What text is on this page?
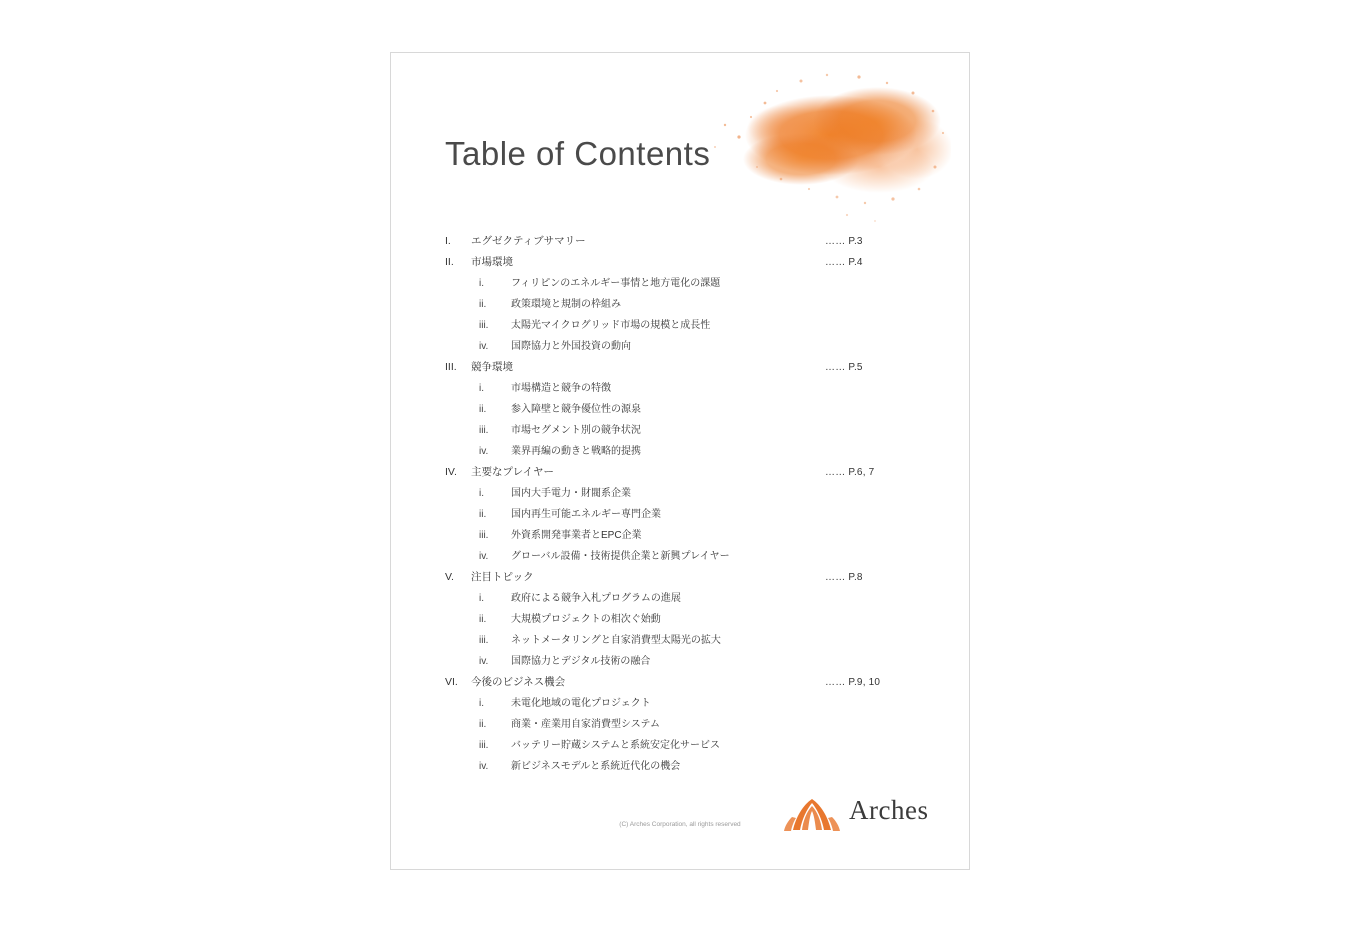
Table of Contents
I.	エグゼクティブサマリー	…… P.3
II.	市場環境	…… P.4
i.	フィリピンのエネルギー事情と地方電化の課題
ii.	政策環境と規制の枠組み
iii.	太陽光マイクログリッド市場の規模と成長性
iv.	国際協力と外国投資の動向
III.	競争環境	…… P.5
i.	市場構造と競争の特徴
ii.	参入障壁と競争優位性の源泉
iii.	市場セグメント別の競争状況
iv.	業界再編の動きと戦略的提携
IV.	主要なプレイヤー	…… P.6, 7
i.	国内大手電力・財閥系企業
ii.	国内再生可能エネルギー専門企業
iii.	外資系開発事業者とEPC企業
iv.	グローバル設備・技術提供企業と新興プレイヤー
V.	注目トピック	…… P.8
i.	政府による競争入札プログラムの進展
ii.	大規模プロジェクトの相次ぐ始動
iii.	ネットメータリングと自家消費型太陽光の拡大
iv.	国際協力とデジタル技術の融合
VI.	今後のビジネス機会	…… P.9, 10
i.	未電化地域の電化プロジェクト
ii.	商業・産業用自家消費型システム
iii.	バッテリー貯蔵システムと系統安定化サービス
iv.	新ビジネスモデルと系統近代化の機会
(C) Arches Corporation, all rights reserved	Arches
